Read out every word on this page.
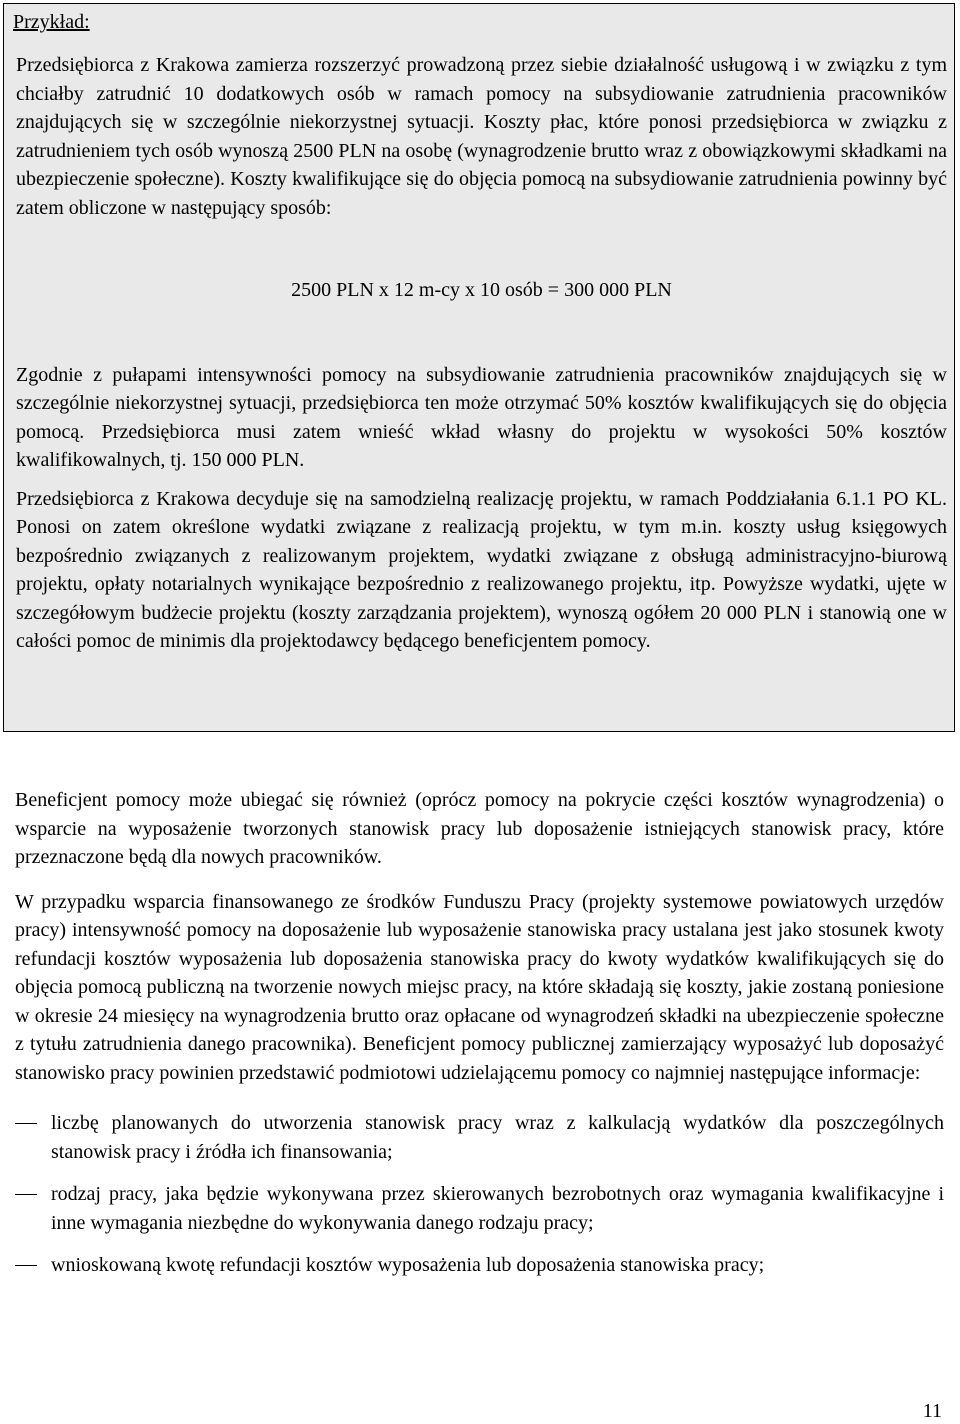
Przykład:

Przedsiębiorca z Krakowa zamierza rozszerzyć prowadzoną przez siebie działalność usługową i w związku z tym chciałby zatrudnić 10 dodatkowych osób w ramach pomocy na subsydiowanie zatrudnienia pracowników znajdujących się w szczególnie niekorzystnej sytuacji. Koszty płac, które ponosi przedsiębiorca w związku z zatrudnieniem tych osób wynoszą 2500 PLN na osobę (wynagrodzenie brutto wraz z obowiązkowymi składkami na ubezpieczenie społeczne). Koszty kwalifikujące się do objęcia pomocą na subsydiowanie zatrudnienia powinny być zatem obliczone w następujący sposób:

2500 PLN x 12 m-cy x 10 osób = 300 000 PLN

Zgodnie z pułapami intensywności pomocy na subsydiowanie zatrudnienia pracowników znajdujących się w szczególnie niekorzystnej sytuacji, przedsiębiorca ten może otrzymać 50% kosztów kwalifikujących się do objęcia pomocą. Przedsiębiorca musi zatem wnieść wkład własny do projektu w wysokości 50% kosztów kwalifikowalnych, tj. 150 000 PLN.

Przedsiębiorca z Krakowa decyduje się na samodzielną realizację projektu, w ramach Poddziałania 6.1.1 PO KL. Ponosi on zatem określone wydatki związane z realizacją projektu, w tym m.in. koszty usług księgowych bezpośrednio związanych z realizowanym projektem, wydatki związane z obsługą administracyjno-biurową projektu, opłaty notarialnych wynikające bezpośrednio z realizowanego projektu, itp. Powyższe wydatki, ujęte w szczegółowym budżecie projektu (koszty zarządzania projektem), wynoszą ogółem 20 000 PLN i stanowią one w całości pomoc de minimis dla projektodawcy będącego beneficjentem pomocy.

Beneficjent pomocy może ubiegać się również (oprócz pomocy na pokrycie części kosztów wynagrodzenia) o wsparcie na wyposażenie tworzonych stanowisk pracy lub doposażenie istniejących stanowisk pracy, które przeznaczone będą dla nowych pracowników.

W przypadku wsparcia finansowanego ze środków Funduszu Pracy (projekty systemowe powiatowych urzędów pracy) intensywność pomocy na doposażenie lub wyposażenie stanowiska pracy ustalana jest jako stosunek kwoty refundacji kosztów wyposażenia lub doposażenia stanowiska pracy do kwoty wydatków kwalifikujących się do objęcia pomocą publiczną na tworzenie nowych miejsc pracy, na które składają się koszty, jakie zostaną poniesione w okresie 24 miesięcy na wynagrodzenia brutto oraz opłacane od wynagrodzeń składki na ubezpieczenie społeczne z tytułu zatrudnienia danego pracownika). Beneficjent pomocy publicznej zamierzający wyposażyć lub doposażyć stanowisko pracy powinien przedstawić podmiotowi udzielającemu pomocy co najmniej następujące informacje:

liczbę planowanych do utworzenia stanowisk pracy wraz z kalkulacją wydatków dla poszczególnych stanowisk pracy i źródła ich finansowania;
rodzaj pracy, jaka będzie wykonywana przez skierowanych bezrobotnych oraz wymagania kwalifikacyjne i inne wymagania niezbędne do wykonywania danego rodzaju pracy;
wnioskowaną kwotę refundacji kosztów wyposażenia lub doposażenia stanowiska pracy;
11
